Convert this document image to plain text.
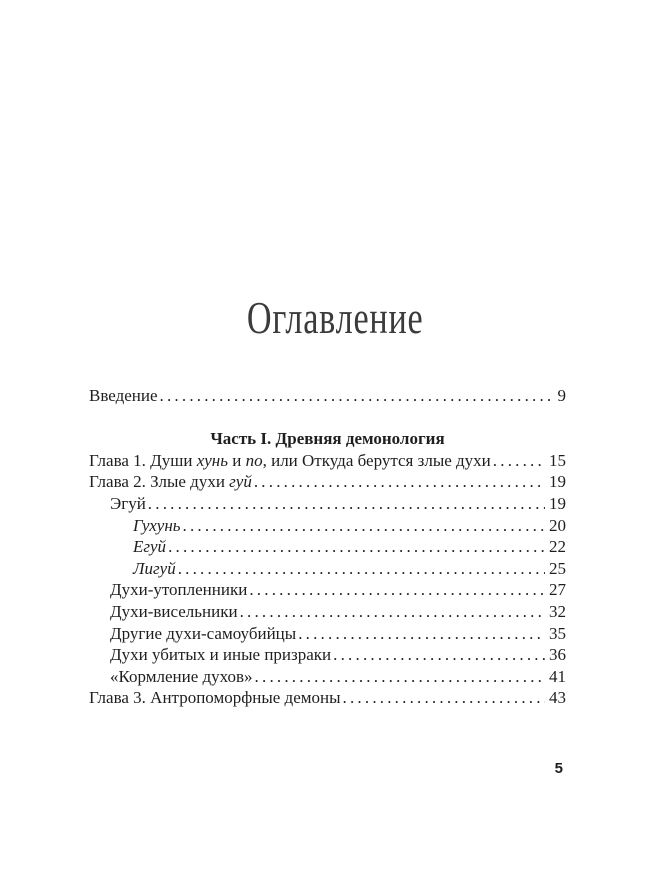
Оглавление
Введение .....	9
Часть I. Древняя демонология
Глава 1. Души хунь и по, или Откуда берутся злые духи .....	15
Глава 2. Злые духи гуй .....	19
Эгуй .....	19
Гухунь .....	20
Егуй .....	22
Лигуй .....	25
Духи-утопленники .....	27
Духи-висельники .....	32
Другие духи-самоубийцы .....	35
Духи убитых и иные призраки .....	36
«Кормление духов» .....	41
Глава 3. Антропоморфные демоны .....	43
5
